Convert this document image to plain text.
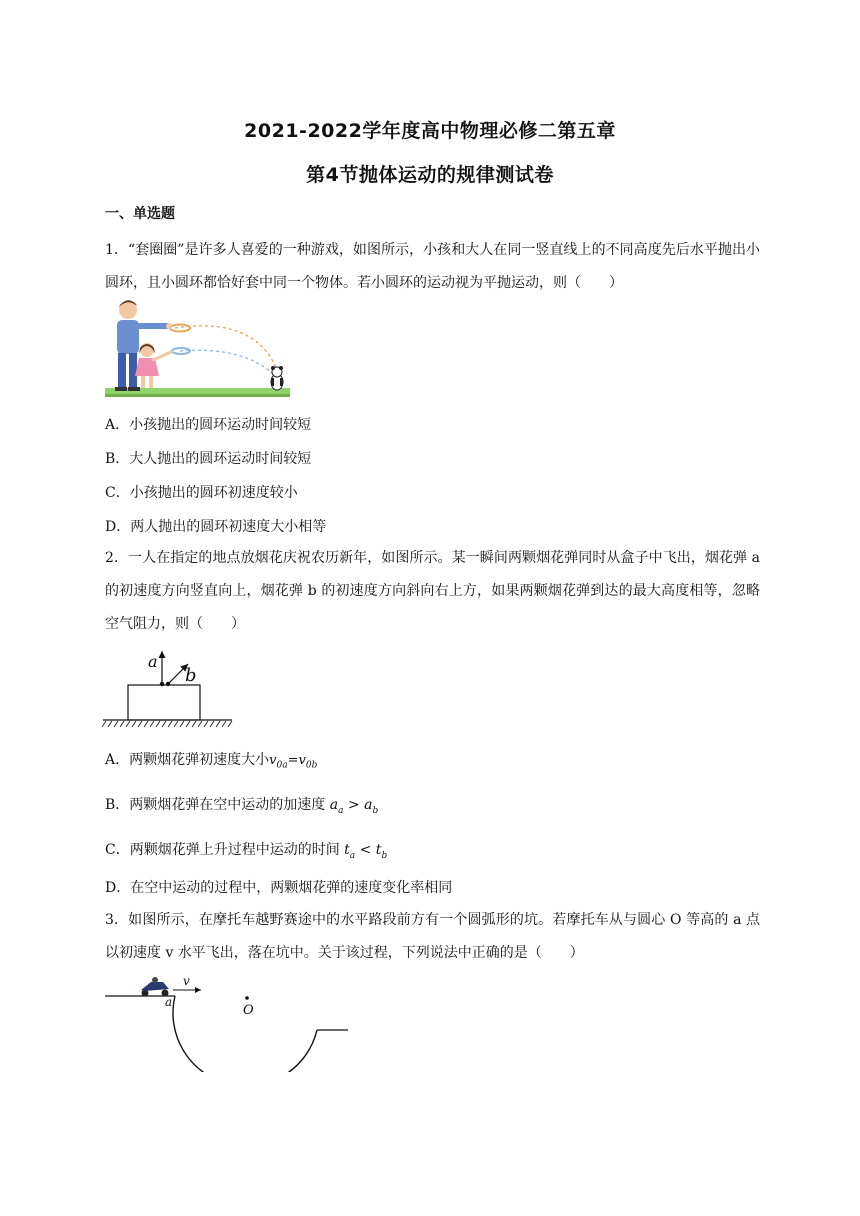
2021-2022学年度高中物理必修二第五章
第4节抛体运动的规律测试卷
一、单选题
1．“套圈圈”是许多人喜爱的一种游戏，如图所示，小孩和大人在同一竖直线上的不同高度先后水平抛出小圆环，且小圆环都恰好套中同一个物体。若小圆环的运动视为平抛运动，则（　　）
A．小孩抛出的圆环运动时间较短
B．大人抛出的圆环运动时间较短
C．小孩抛出的圆环初速度较小
D．两人抛出的圆环初速度大小相等
2．一人在指定的地点放烟花庆祝农历新年，如图所示。某一瞬间两颗烟花弹同时从盒子中飞出，烟花弹 a 的初速度方向竖直向上，烟花弹 b 的初速度方向斜向右上方，如果两颗烟花弹到达的最大高度相等，忽略空气阻力，则（　　）
a
b
A．两颗烟花弹初速度大小$v_{0a}=v_{0b}$
B．两颗烟花弹在空中运动的加速度 $a_a > a_b$
C．两颗烟花弹上升过程中运动的时间 $t_a < t_b$
D．在空中运动的过程中，两颗烟花弹的速度变化率相同
3．如图所示，在摩托车越野赛途中的水平路段前方有一个圆弧形的坑。若摩托车从与圆心 O 等高的 a 点以初速度 v 水平飞出，落在坑中。关于该过程，下列说法中正确的是（　　）
v
a
O
